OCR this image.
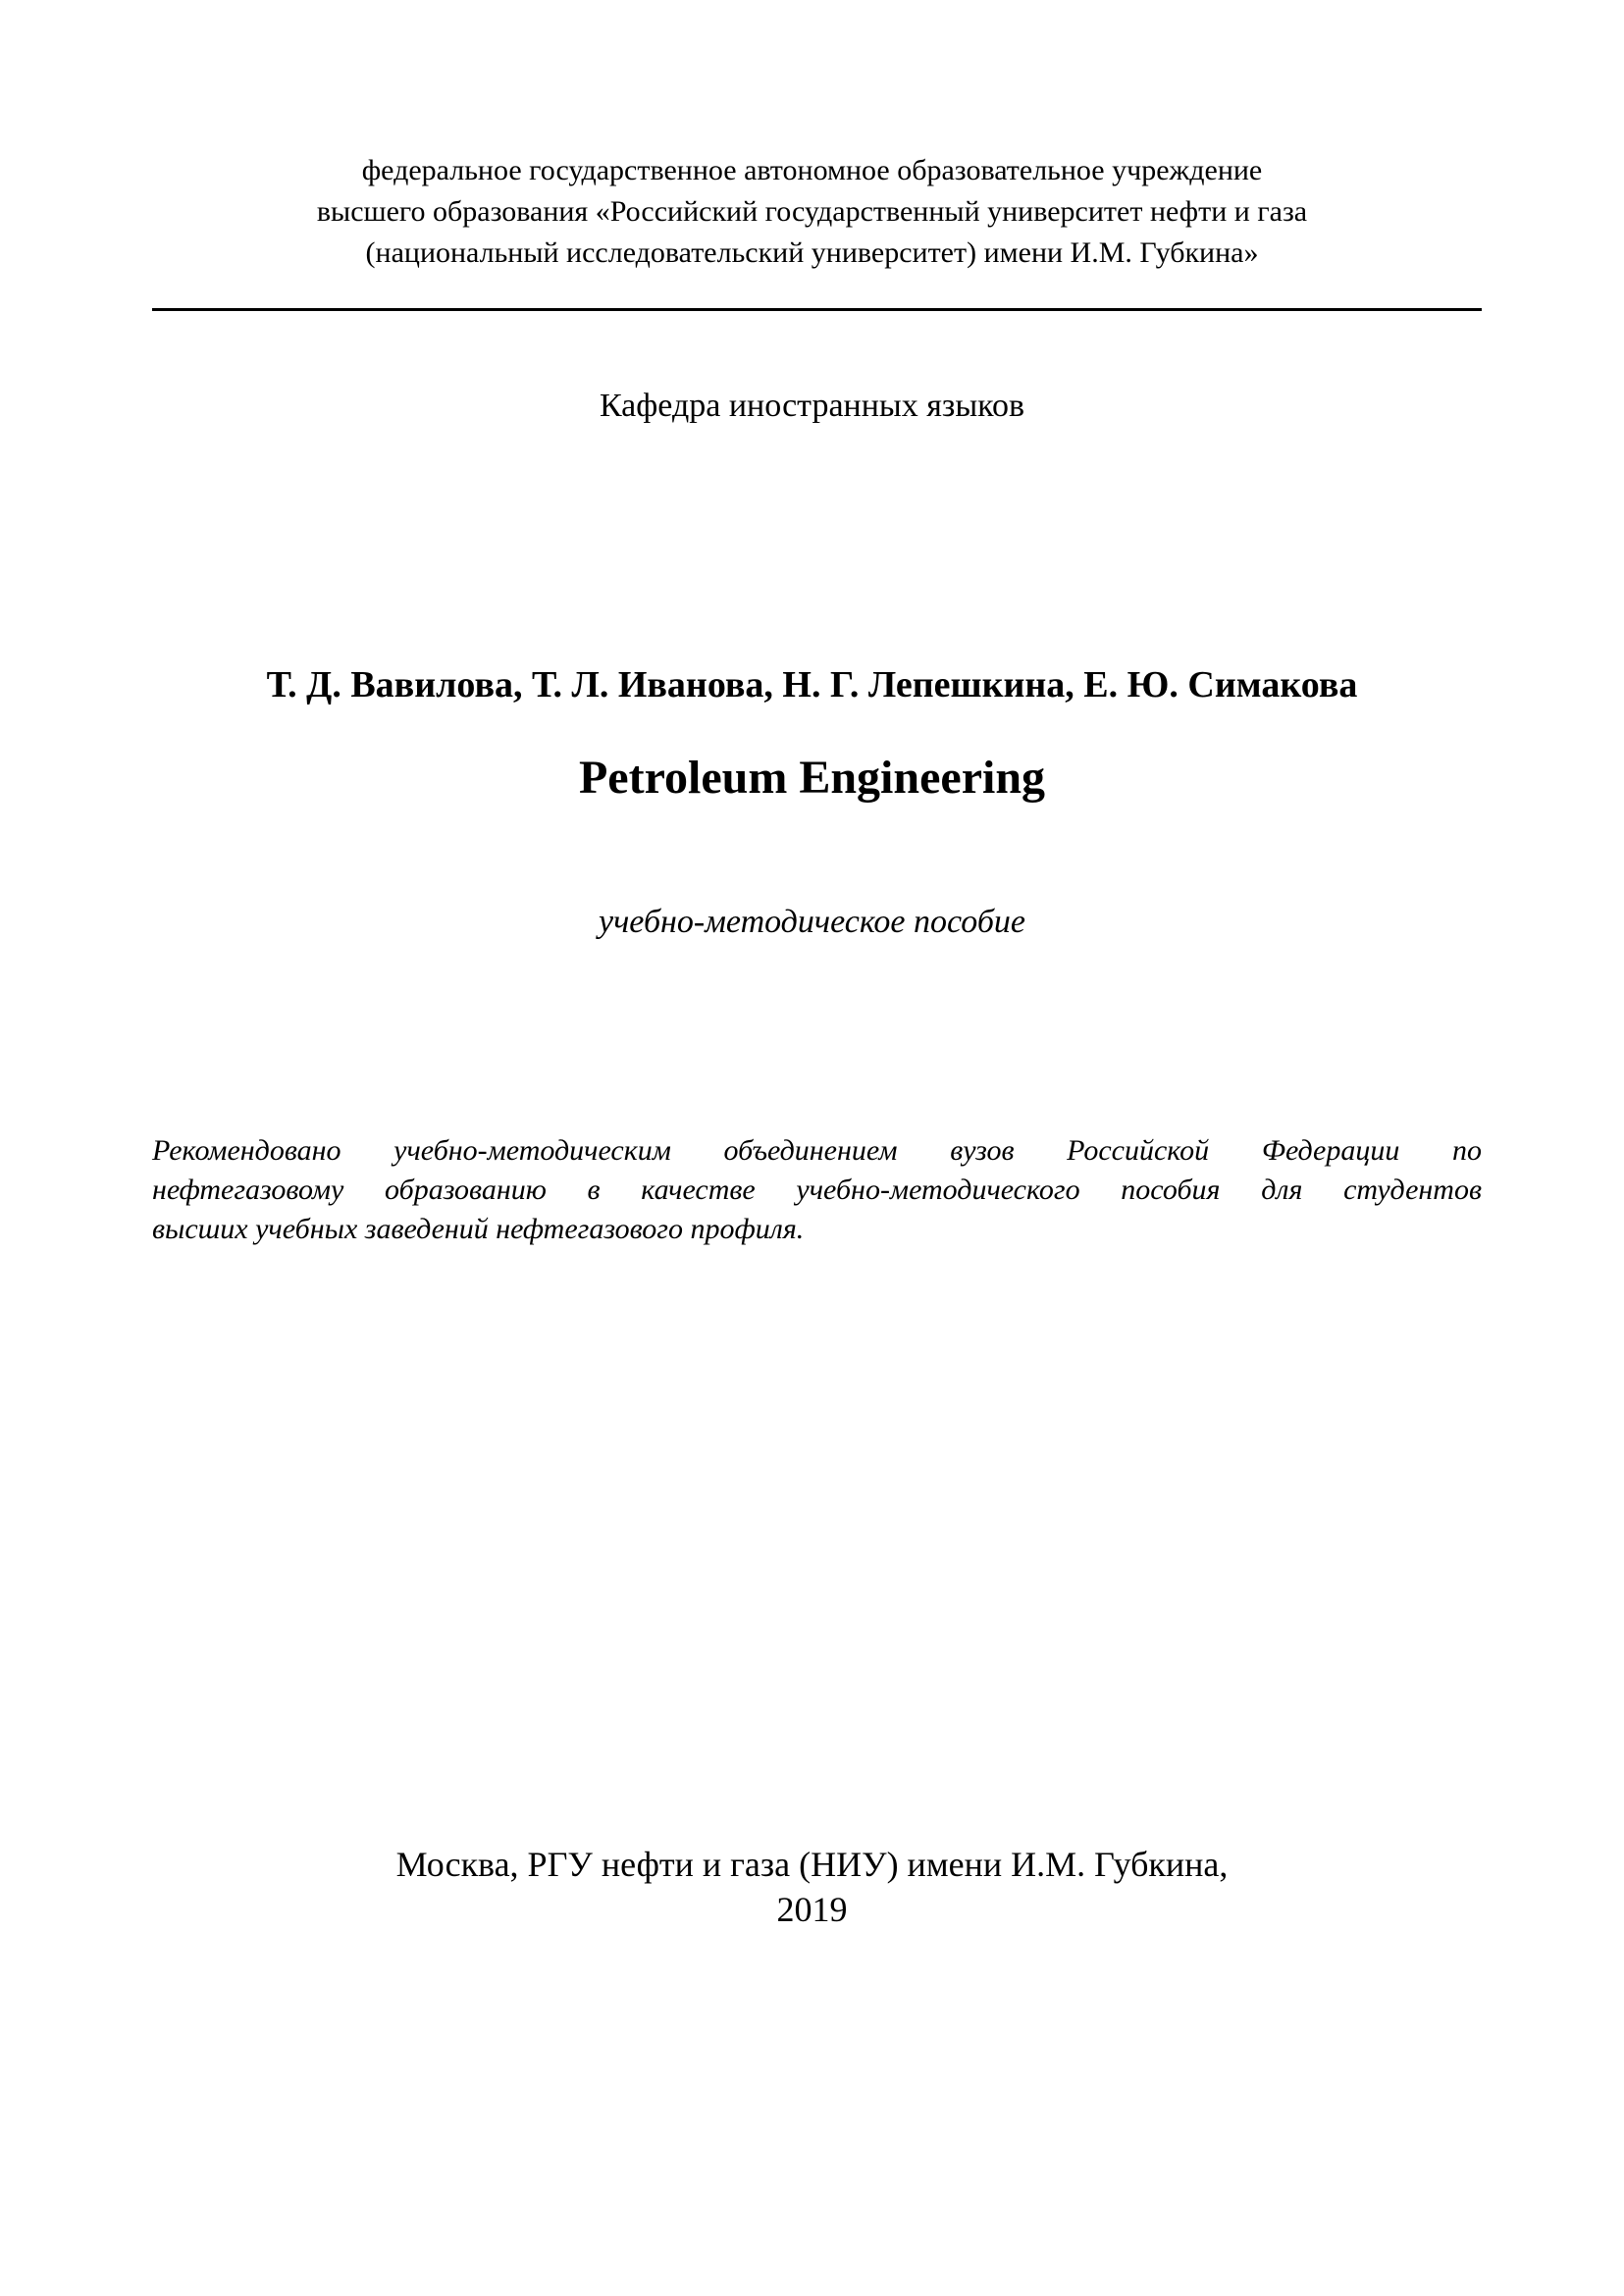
федеральное государственное автономное образовательное учреждение
высшего образования «Российский государственный университет нефти и газа
(национальный исследовательский университет) имени И.М. Губкина»
Кафедра иностранных языков
Т. Д. Вавилова, Т. Л. Иванова, Н. Г. Лепешкина, Е. Ю. Симакова
Petroleum Engineering
учебно-методическое пособие
Рекомендовано учебно-методическим объединением вузов Российской Федерации по
нефтегазовому образованию в качестве учебно-методического пособия для студентов
высших учебных заведений нефтегазового профиля.
Москва, РГУ нефти и газа (НИУ) имени И.М. Губкина,
2019
